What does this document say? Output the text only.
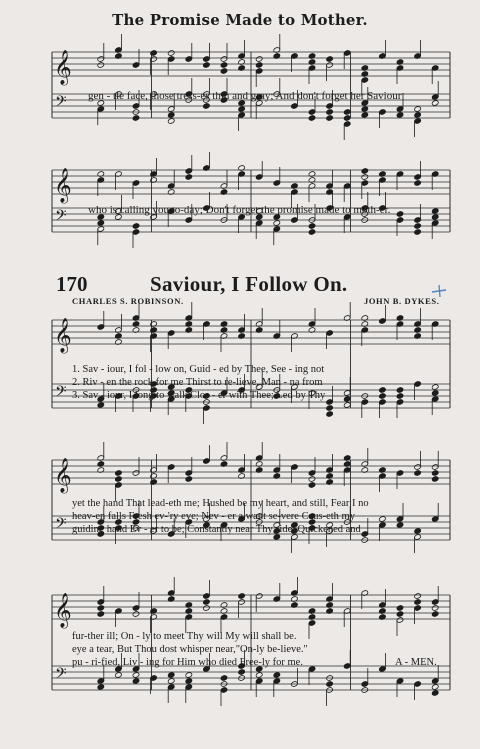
𝄞
𝄢
𝄞
𝄢
𝄞
𝄢
𝄞
𝄢
𝄞
𝄢
The Promise Made to Mother.
gen - tle face, those tress-es thin and gray; And don't forget her Saviour
who is calling you to-day; Don't forget the promise made to moth-er.
170	Saviour, I Follow On.
CHARLES S. ROBINSON.	JOHN B. DYKES.
1. Sav - iour, I fol - low on, Guid - ed by Thee, See - ing not
2. Riv - en the rock for me Thirst to re-lieve, Man - na from
3. Sav - iour, I long to walk Clos - er with Thee; Led by Thy
yet the hand That lead-eth me; Hushed be my heart, and still, Fear I no
heav-en falls Fresh ev-'ry eve; Nev - er a want se-vere Caus-eth my
guiding hand Ev - er to be; Constantly near Thy side, Quickened and
fur-ther ill; On - ly to meet Thy will My will shall be.
eye a tear, But Thou dost whisper near,"On-ly be-lieve."
pu - ri-fied, Liv - ing for Him who died Free-ly for me.	A - MEN.
